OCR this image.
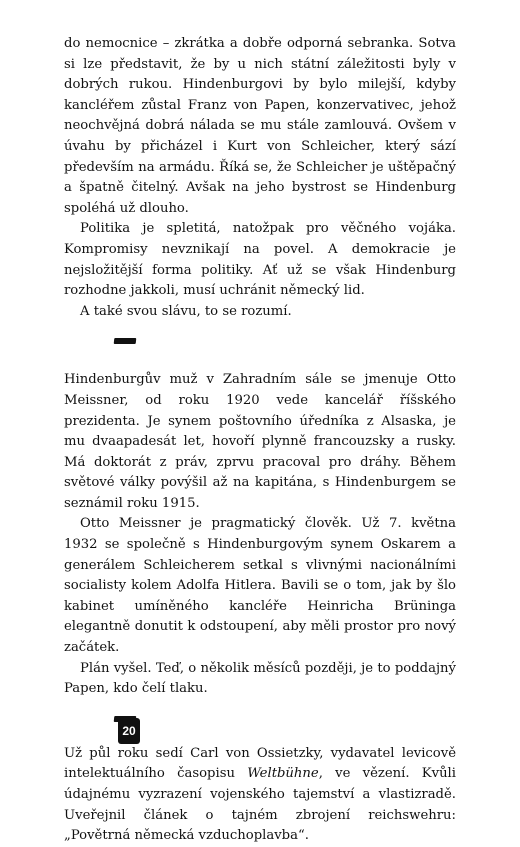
do nemocnice – zkrátka a dobře odporná sebranka. Sotva si lze představit, že by u nich státní záležitosti byly v dobrých rukou. Hindenburgovi by bylo milejší, kdyby kancléřem zůstal Franz von Papen, konzervativec, jehož neochvějná dobrá nálada se mu stále zamlouvá. Ovšem v úvahu by přicházel i Kurt von Schleicher, který sází především na armádu. Říká se, že Schleicher je uštěpačný a špatně čitelný. Avšak na jeho bystrost se Hindenburg spoléhá už dlouho.

Politika je spletitá, natožpak pro věčného vojáka. Kompromisy nevznikají na povel. A demokracie je nejsložitější forma politiky. Ať už se však Hindenburg rozhodne jakkoli, musí uchránit německý lid.

A také svou slávu, to se rozumí.

Hindenburgův muž v Zahradním sále se jmenuje Otto Meissner, od roku 1920 vede kancelář říšského prezidenta. Je synem poštovního úředníka z Alsaska, je mu dvaapadesát let, hovoří plynně francouzsky a rusky. Má doktorát z práv, zprvu pracoval pro dráhy. Během světové války povýšil až na kapitána, s Hindenburgem se seznámil roku 1915.

Otto Meissner je pragmatický člověk. Už 7. května 1932 se společně s Hindenburgovým synem Oskarem a generálem Schleicherem setkal s vlivnými nacionálními socialisty kolem Adolfa Hitlera. Bavili se o tom, jak by šlo kabinet umíněného kancléře Heinricha Brüninga elegantně donutit k odstoupení, aby měli prostor pro nový začátek.

Plán vyšel. Teď, o několik měsíců později, je to poddajný Papen, kdo čelí tlaku.

Už půl roku sedí Carl von Ossietzky, vydavatel levicově intelektuálního časopisu Weltbühne, ve vězení. Kvůli údajnému vyzrazení vojenského tajemství a vlastizradě. Uveřejnil článek o tajném zbrojení reichswehru: „Povětrná německá vzduchoplavba“.

20
